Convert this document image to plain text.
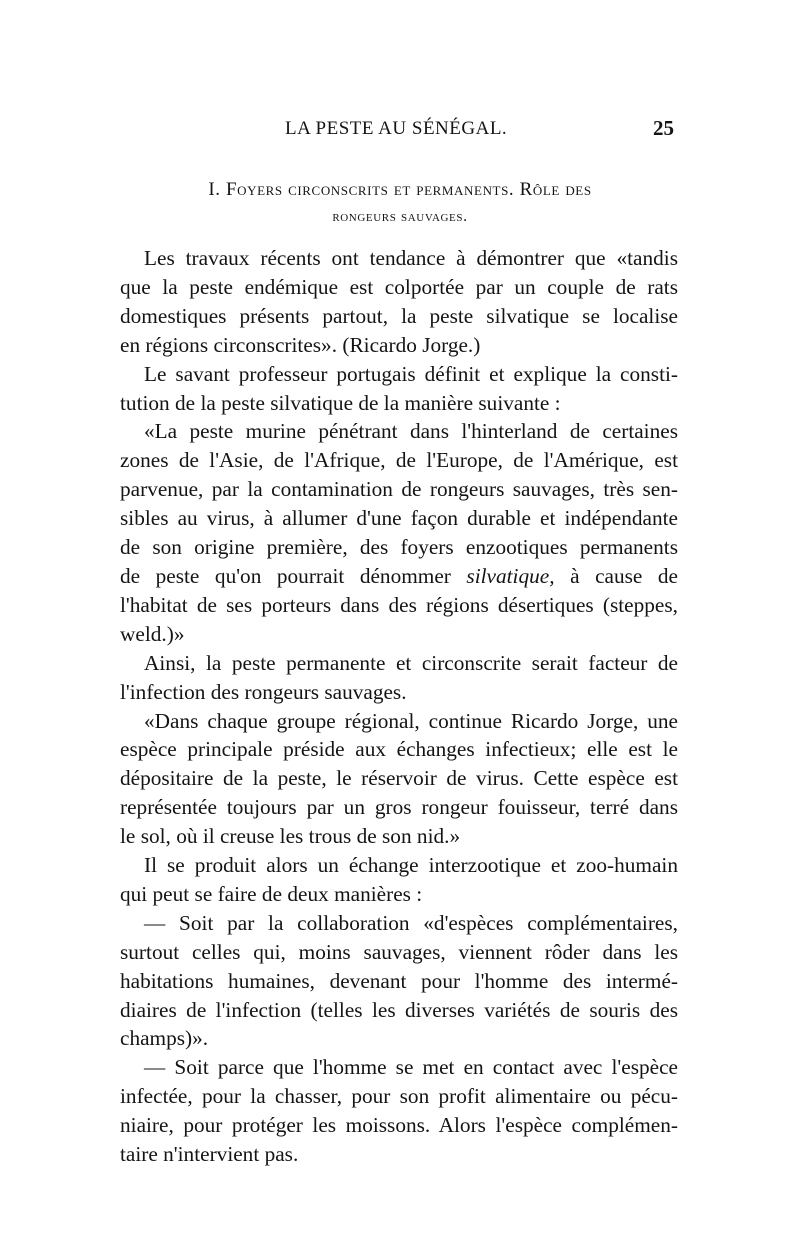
LA PESTE AU SÉNÉGAL.	25
I. Foyers circonscrits et permanents. Rôle des
rongeurs sauvages.
Les travaux récents ont tendance à démontrer que «tandis
que la peste endémique est colportée par un couple de rats
domestiques présents partout, la peste silvatique se localise
en régions circonscrites». (Ricardo Jorge.)
Le savant professeur portugais définit et explique la consti-
tution de la peste silvatique de la manière suivante :
«La peste murine pénétrant dans l'hinterland de certaines
zones de l'Asie, de l'Afrique, de l'Europe, de l'Amérique, est
parvenue, par la contamination de rongeurs sauvages, très sen-
sibles au virus, à allumer d'une façon durable et indépendante
de son origine première, des foyers enzootiques permanents
de peste qu'on pourrait dénommer silvatique, à cause de
l'habitat de ses porteurs dans des régions désertiques (steppes,
weld.)»
Ainsi, la peste permanente et circonscrite serait facteur de
l'infection des rongeurs sauvages.
«Dans chaque groupe régional, continue Ricardo Jorge, une
espèce principale préside aux échanges infectieux; elle est le
dépositaire de la peste, le réservoir de virus. Cette espèce est
représentée toujours par un gros rongeur fouisseur, terré dans
le sol, où il creuse les trous de son nid.»
Il se produit alors un échange interzootique et zoo-humain
qui peut se faire de deux manières :
— Soit par la collaboration «d'espèces complémentaires,
surtout celles qui, moins sauvages, viennent rôder dans les
habitations humaines, devenant pour l'homme des intermé-
diaires de l'infection (telles les diverses variétés de souris des
champs)».
— Soit parce que l'homme se met en contact avec l'espèce
infectée, pour la chasser, pour son profit alimentaire ou pécu-
niaire, pour protéger les moissons. Alors l'espèce complémen-
taire n'intervient pas.
